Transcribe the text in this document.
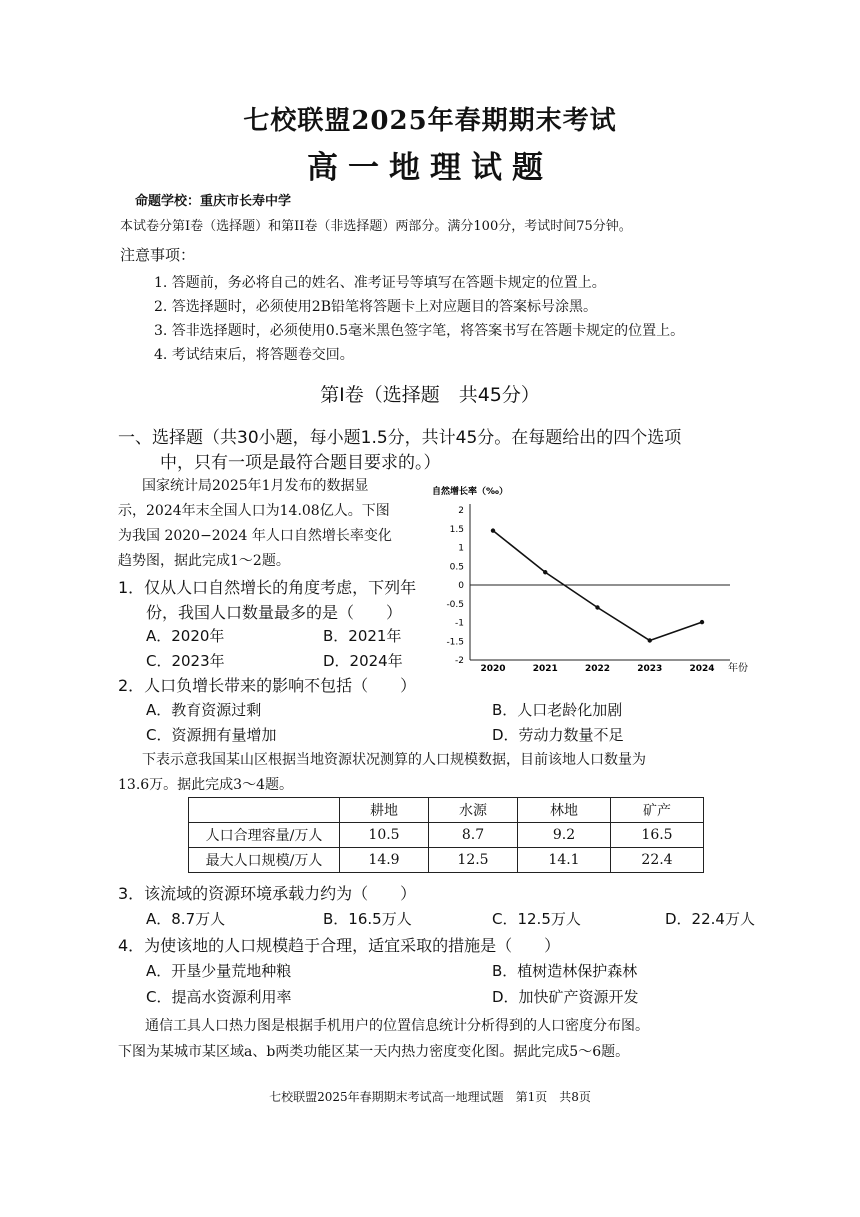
七校联盟2025年春期期末考试
高一地理试题
命题学校：重庆市长寿中学
本试卷分第I卷（选择题）和第II卷（非选择题）两部分。满分100分，考试时间75分钟。
注意事项：
1. 答题前，务必将自己的姓名、准考证号等填写在答题卡规定的位置上。
2. 答选择题时，必须使用2B铅笔将答题卡上对应题目的答案标号涂黑。
3. 答非选择题时，必须使用0.5毫米黑色签字笔，将答案书写在答题卡规定的位置上。
4. 考试结束后，将答题卷交回。
第I卷（选择题　共45分）
一、选择题（共30小题，每小题1.5分，共计45分。在每题给出的四个选项
中，只有一项是最符合题目要求的。）
国家统计局2025年1月发布的数据显
示，2024年末全国人口为14.08亿人。下图
为我国 2020−2024 年人口自然增长率变化
趋势图，据此完成1～2题。
1．仅从人口自然增长的角度考虑，下列年
份，我国人口数量最多的是（　　）
A．2020年	B．2021年
C．2023年	D．2024年
自然增长率（‰）
2
1.5
1
0.5
0
-0.5
-1
-1.5
-2
2020	2021	2022	2023	2024 年份
2．人口负增长带来的影响不包括（　　）
A．教育资源过剩	B．人口老龄化加剧
C．资源拥有量增加	D．劳动力数量不足
下表示意我国某山区根据当地资源状况测算的人口规模数据，目前该地人口数量为
13.6万。据此完成3～4题。
	耕地	水源	林地	矿产
人口合理容量/万人	10.5	8.7	9.2	16.5
最大人口规模/万人	14.9	12.5	14.1	22.4
3．该流域的资源环境承载力约为（　　）
A．8.7万人	B．16.5万人	C．12.5万人	D．22.4万人
4．为使该地的人口规模趋于合理，适宜采取的措施是（　　）
A．开垦少量荒地种粮	B．植树造林保护森林
C．提高水资源利用率	D．加快矿产资源开发
通信工具人口热力图是根据手机用户的位置信息统计分析得到的人口密度分布图。
下图为某城市某区域a、b两类功能区某一天内热力密度变化图。据此完成5～6题。
七校联盟2025年春期期末考试高一地理试题　第1页　共8页
